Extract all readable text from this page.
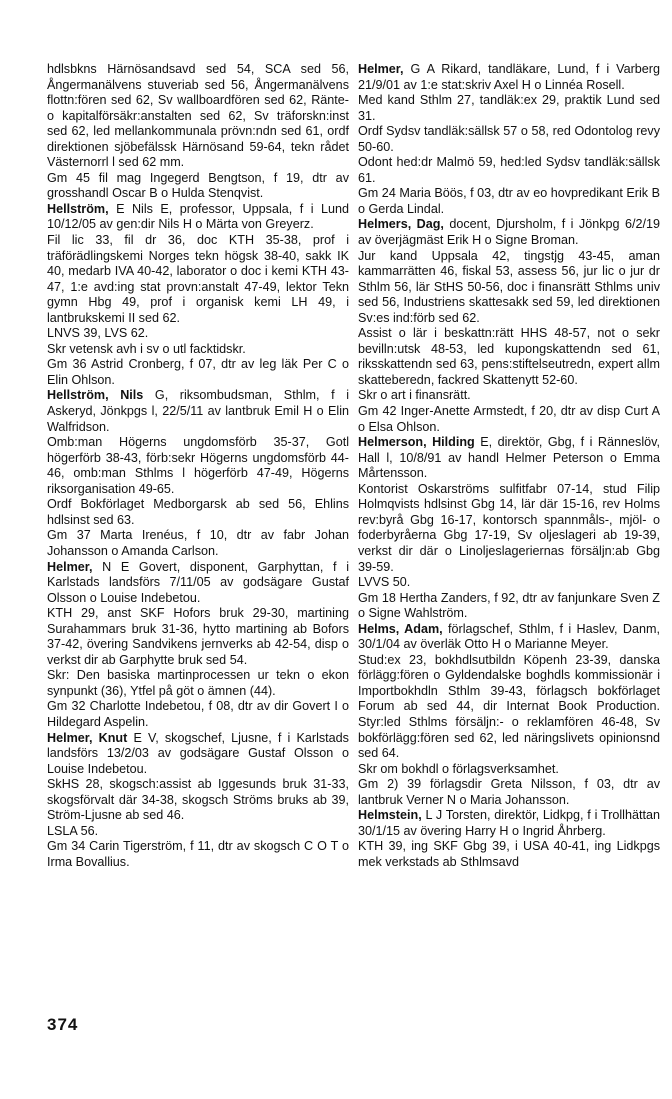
hdlsbkns Härnösandsavd sed 54, SCA sed 56, Ångermanälvens stuveriab sed 56, Ångermanälvens flottn:fören sed 62, Sv wallboardfören sed 62, Ränte- o kapitalförsäkr:anstalten sed 62, Sv träforskn:inst sed 62, led mellankommunala prövn:ndn sed 61, ordf direktionen sjöbefälssk Härnösand 59-64, tekn rådet Västernorrl l sed 62 mm.

Gm 45 fil mag Ingegerd Bengtson, f 19, dtr av grosshandl Oscar B o Hulda Stenqvist.

Hellström, E Nils E, professor, Uppsala, f i Lund 10/12/05 av gen:dir Nils H o Märta von Greyerz.

Fil lic 33, fil dr 36, doc KTH 35-38, prof i träförädlingskemi Norges tekn högsk 38-40, sakk IK 40, medarb IVA 40-42, laborator o doc i kemi KTH 43-47, 1:e avd:ing stat provn:anstalt 47-49, lektor Tekn gymn Hbg 49, prof i organisk kemi LH 49, i lantbrukskemi II sed 62.

LNVS 39, LVS 62.

Skr vetensk avh i sv o utl facktidskr.

Gm 36 Astrid Cronberg, f 07, dtr av leg läk Per C o Elin Ohlson.

Hellström, Nils G, riksombudsman, Sthlm, f i Askeryd, Jönkpgs l, 22/5/11 av lantbruk Emil H o Elin Walfridson.

Omb:man Högerns ungdomsförb 35-37, Gotl högerförb 38-43, förb:sekr Högerns ungdomsförb 44-46, omb:man Sthlms l högerförb 47-49, Högerns riksorganisation 49-65.

Ordf Bokförlaget Medborgarsk ab sed 56, Ehlins hdlsinst sed 63.

Gm 37 Marta Irenéus, f 10, dtr av fabr Johan Johansson o Amanda Carlson.

Helmer, N E Govert, disponent, Garphyttan, f i Karlstads landsförs 7/11/05 av godsägare Gustaf Olsson o Louise Indebetou.

KTH 29, anst SKF Hofors bruk 29-30, martining Surahammars bruk 31-36, hyttο martining ab Bofors 37-42, övering Sandvikens jernverks ab 42-54, disp o verkst dir ab Garphytte bruk sed 54.

Skr: Den basiska martinprocessen ur tekn o ekon synpunkt (36), Ytfel på göt o ämnen (44).

Gm 32 Charlotte Indebetou, f 08, dtr av dir Govert I o Hildegard Aspelin.

Helmer, Knut E V, skogschef, Ljusne, f i Karlstads landsförs 13/2/03 av godsägare Gustaf Olsson o Louise Indebetou.

SkHS 28, skogsch:assist ab Iggesunds bruk 31-33, skogsförvalt där 34-38, skogsch Ströms bruks ab 39, Ström-Ljusne ab sed 46.

LSLA 56.

Gm 34 Carin Tigerström, f 11, dtr av skogsch C O T o Irma Bovallius.

Helmer, G A Rikard, tandläkare, Lund, f i Varberg 21/9/01 av 1:e stat:skriv Axel H o Linnéa Rosell.

Med kand Sthlm 27, tandläk:ex 29, praktik Lund sed 31.

Ordf Sydsv tandläk:sällsk 57 o 58, red Odontolog revy 50-60.

Odont hed:dr Malmö 59, hed:led Sydsv tandläk:sällsk 61.

Gm 24 Maria Böös, f 03, dtr av eo hovpredikant Erik B o Gerda Lindal.

Helmers, Dag, docent, Djursholm, f i Jönkpg 6/2/19 av överjägmäst Erik H o Signe Broman.

Jur kand Uppsala 42, tingstjg 43-45, aman kammarrätten 46, fiskal 53, assess 56, jur lic o jur dr Sthlm 56, lär StHS 50-56, doc i finansrätt Sthlms univ sed 56, Industriens skattesakk sed 59, led direktionen Sv:es ind:förb sed 62.

Assist o lär i beskattn:rätt HHS 48-57, not o sekr bevilln:utsk 48-53, led kupongskattendn sed 61, riksskattendn sed 63, pens:stiftelseutredn, expert allm skatteberedn, fackred Skattenytt 52-60.

Skr o art i finansrätt.

Gm 42 Inger-Anette Armstedt, f 20, dtr av disp Curt A o Elsa Ohlson.

Helmerson, Hilding E, direktör, Gbg, f i Ränneslöv, Hall l, 10/8/91 av handl Helmer Peterson o Emma Mårtensson.

Kontorist Oskarströms sulfitfabr 07-14, stud Filip Holmqvists hdlsinst Gbg 14, lär där 15-16, rev Holms rev:byrå Gbg 16-17, kontorsch spannmåls-, mjöl- o foderbyråerna Gbg 17-19, Sv oljeslageri ab 19-39, verkst dir där o Linoljeslageriernas försäljn:ab Gbg 39-59.

LVVS 50.

Gm 18 Hertha Zanders, f 92, dtr av fanjunkare Sven Z o Signe Wahlström.

Helms, Adam, förlagschef, Sthlm, f i Haslev, Danm, 30/1/04 av överläk Otto H o Marianne Meyer.

Stud:ex 23, bokhdlsutbildn Köpenh 23-39, danska förlägg:fören o Gyldendalske boghdls kommissionär i Importbokhdln Sthlm 39-43, förlagsch bokförlaget Forum ab sed 44, dir Internat Book Production. Styr:led Sthlms försäljn:- o reklamfören 46-48, Sv bokförlägg:fören sed 62, led näringslivets opinionsnd sed 64.

Skr om bokhdl o förlagsverksamhet.

Gm 2) 39 förlagsdir Greta Nilsson, f 03, dtr av lantbruk Verner N o Maria Johansson.

Helmstein, L J Torsten, direktör, Lidkpg, f i Trollhättan 30/1/15 av övering Harry H o Ingrid Åhrberg.

KTH 39, ing SKF Gbg 39, i USA 40-41, ing Lidkpgs mek verkstads ab Sthlmsavd

374
